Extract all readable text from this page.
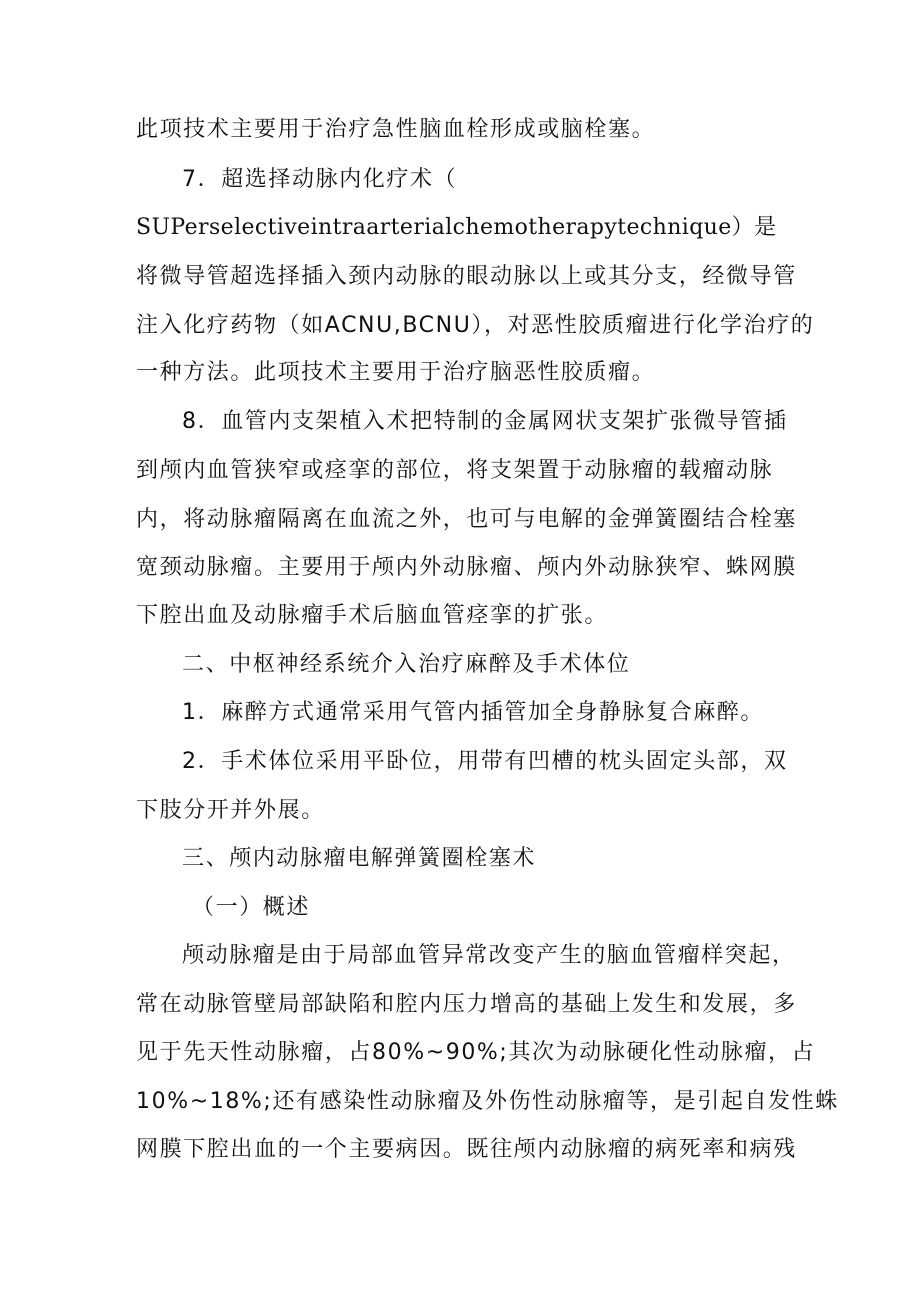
此项技术主要用于治疗急性脑血栓形成或脑栓塞。
7．超选择动脉内化疗术（
SUPerselectiveintraarterialchemotherapytechnique）是
将微导管超选择插入颈内动脉的眼动脉以上或其分支，经微导管
注入化疗药物（如ACNU,BCNU），对恶性胶质瘤进行化学治疗的
一种方法。此项技术主要用于治疗脑恶性胶质瘤。
8．血管内支架植入术把特制的金属网状支架扩张微导管插
到颅内血管狭窄或痉挛的部位，将支架置于动脉瘤的载瘤动脉
内，将动脉瘤隔离在血流之外，也可与电解的金弹簧圈结合栓塞
宽颈动脉瘤。主要用于颅内外动脉瘤、颅内外动脉狭窄、蛛网膜
下腔出血及动脉瘤手术后脑血管痉挛的扩张。
二、中枢神经系统介入治疗麻醉及手术体位
1．麻醉方式通常采用气管内插管加全身静脉复合麻醉。
2．手术体位采用平卧位，用带有凹槽的枕头固定头部，双
下肢分开并外展。
三、颅内动脉瘤电解弹簧圈栓塞术
（一）概述
颅动脉瘤是由于局部血管异常改变产生的脑血管瘤样突起，
常在动脉管壁局部缺陷和腔内压力增高的基础上发生和发展，多
见于先天性动脉瘤，占80%~90%;其次为动脉硬化性动脉瘤，占
10%~18%;还有感染性动脉瘤及外伤性动脉瘤等，是引起自发性蛛
网膜下腔出血的一个主要病因。既往颅内动脉瘤的病死率和病残
